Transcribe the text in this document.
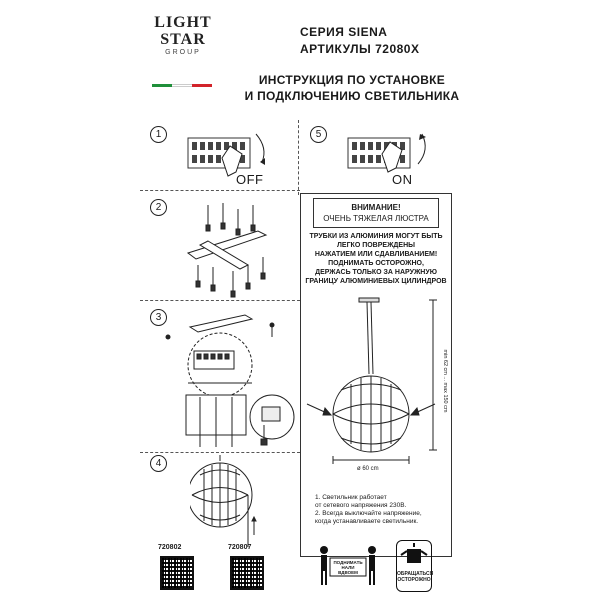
LIGHT
STAR
GROUP
СЕРИЯ SIENA
АРТИКУЛЫ 72080X
ИНСТРУКЦИЯ ПО УСТАНОВКЕ
И ПОДКЛЮЧЕНИЮ СВЕТИЛЬНИКА
1
OFF
5
ON
2
3
4
ВНИМАНИЕ!
ОЧЕНЬ ТЯЖЕЛАЯ ЛЮСТРА
ТРУБКИ ИЗ АЛЮМИНИЯ МОГУТ БЫТЬ
ЛЕГКО ПОВРЕЖДЕНЫ
НАЖАТИЕМ ИЛИ СДАВЛИВАНИЕМ!
ПОДНИМАТЬ ОСТОРОЖНО,
ДЕРЖАСЬ ТОЛЬКО ЗА НАРУЖНУЮ
ГРАНИЦУ АЛЮМИНИЕВЫХ ЦИЛИНДРОВ
min 62 cm ... max 150 cm
ø 60 cm
1. Светильник работает
от сетевого напряжения 230В.
2. Всегда выключайте напряжение,
когда устанавливаете светильник.
720802	720807
ПОДНИМАТЬ НАЛИ ВДВОЕМ	ОБРАЩАТЬСЯ ОСТОРОЖНО
